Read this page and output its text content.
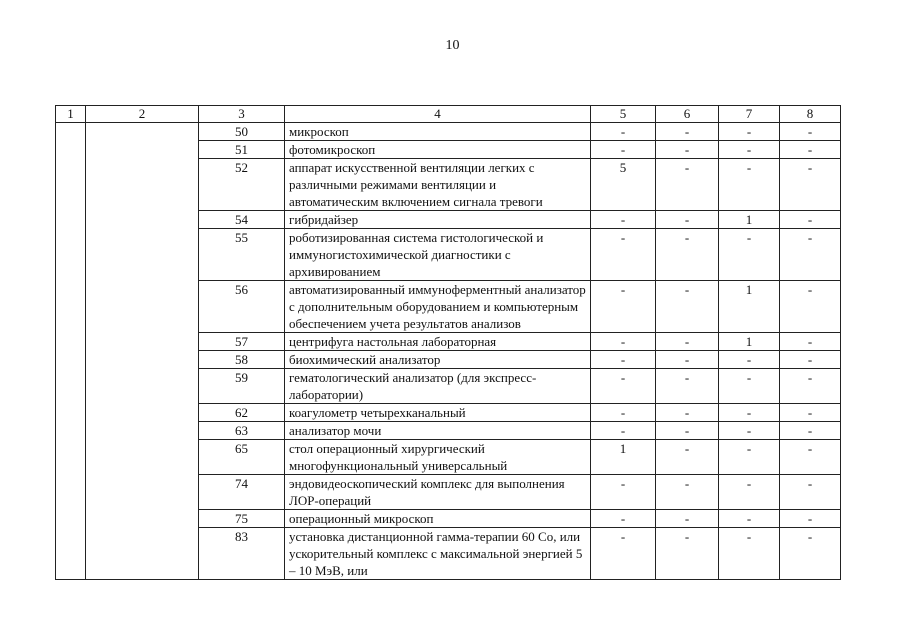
10
1	2	3	4	5	6	7	8
		50	микроскоп	-	-	-	-
		51	фотомикроскоп	-	-	-	-
		52	аппарат искусственной вентиляции легких с различными режимами вентиляции и автоматическим включением сигнала тревоги	5	-	-	-
		54	гибридайзер	-	-	1	-
		55	роботизированная система гистологической и иммуногистохимической диагностики с архивированием	-	-	-	-
		56	автоматизированный иммуноферментный анализатор с дополнительным оборудованием и компьютерным обеспечением учета результатов анализов	-	-	1	-
		57	центрифуга настольная лабораторная	-	-	1	-
		58	биохимический анализатор	-	-	-	-
		59	гематологический анализатор (для экспресс-лаборатории)	-	-	-	-
		62	коагулометр четырехканальный	-	-	-	-
		63	анализатор мочи	-	-	-	-
		65	стол операционный хирургический многофункциональный универсальный	1	-	-	-
		74	эндовидеоскопический комплекс для выполнения ЛОР-операций	-	-	-	-
		75	операционный микроскоп	-	-	-	-
		83	установка дистанционной гамма-терапии 60 Со, или ускорительный комплекс с максимальной энергией 5 – 10 МэВ, или	-	-	-	-
